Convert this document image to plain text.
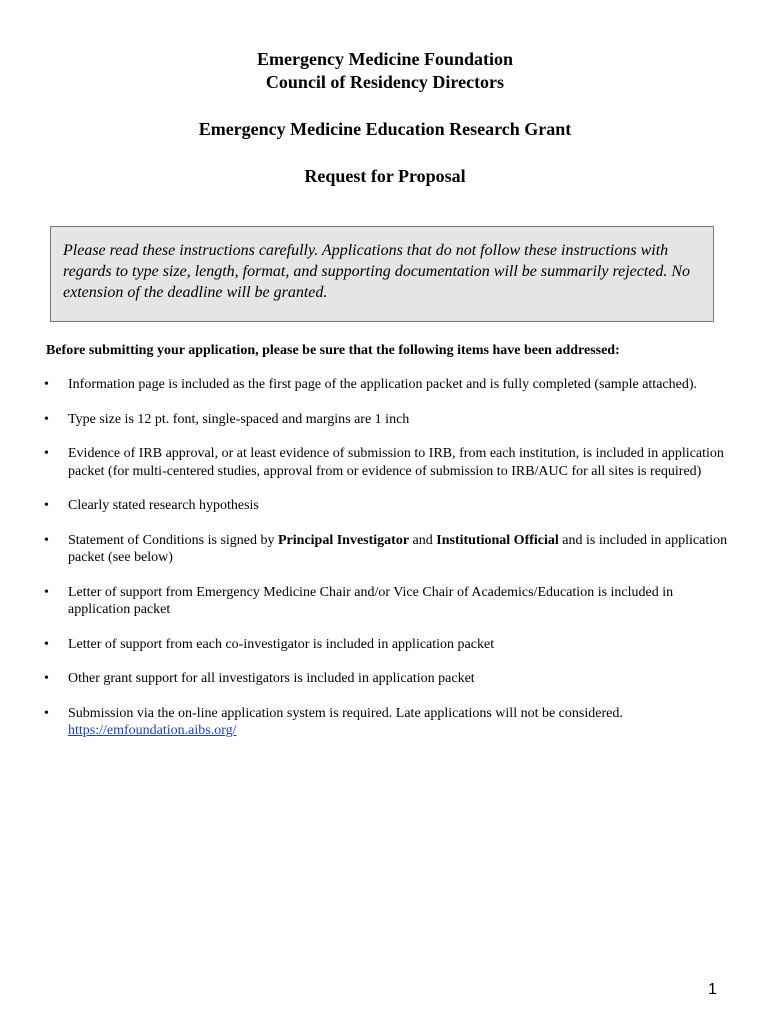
Emergency Medicine Foundation
Council of Residency Directors
Emergency Medicine Education Research Grant
Request for Proposal
Please read these instructions carefully. Applications that do not follow these instructions with regards to type size, length, format, and supporting documentation will be summarily rejected. No extension of the deadline will be granted.
Before submitting your application, please be sure that the following items have been addressed:
•	Information page is included as the first page of the application packet and is fully completed (sample attached).
•	Type size is 12 pt. font, single-spaced and margins are 1 inch
•	Evidence of IRB approval, or at least evidence of submission to IRB, from each institution, is included in application packet (for multi-centered studies, approval from or evidence of submission to IRB/AUC for all sites is required)
•	Clearly stated research hypothesis
•	Statement of Conditions is signed by Principal Investigator and Institutional Official and is included in application packet (see below)
•	Letter of support from Emergency Medicine Chair and/or Vice Chair of Academics/Education is included in application packet
•	Letter of support from each co-investigator is included in application packet
•	Other grant support for all investigators is included in application packet
•	Submission via the on-line application system is required. Late applications will not be considered.
https://emfoundation.aibs.org/
1
